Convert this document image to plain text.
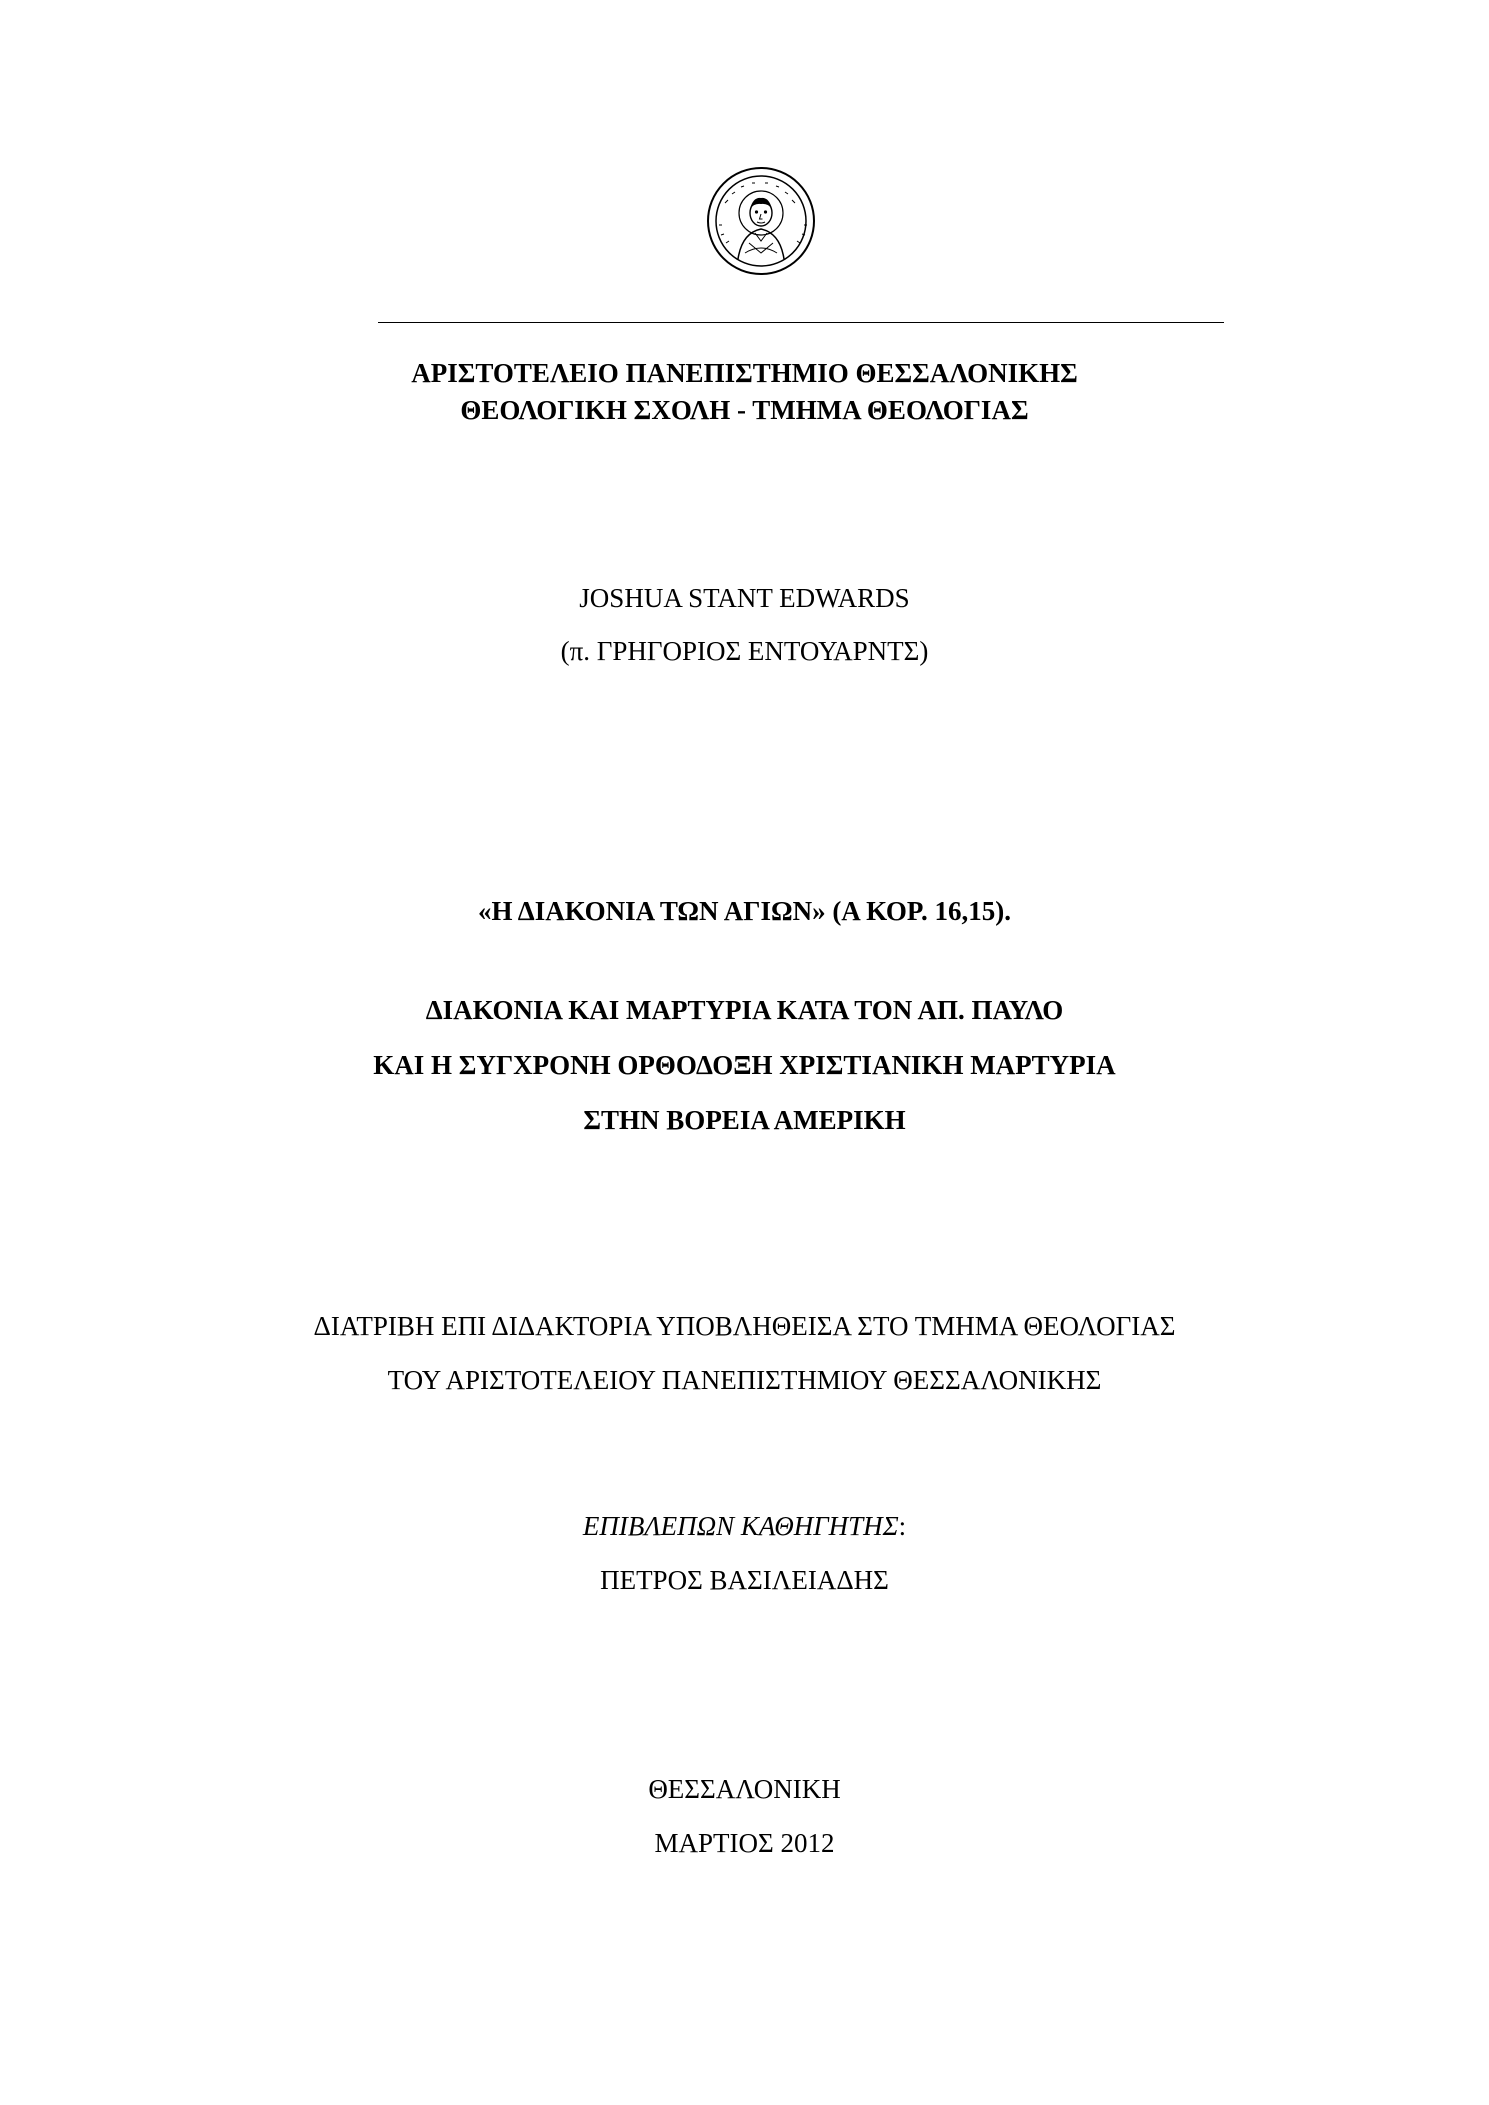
ΑΡΙΣΤΟΤΕΛΕΙΟ ΠΑΝΕΠΙΣΤΗΜΙΟ ΘΕΣΣΑΛΟΝΙΚΗΣ
ΘΕΟΛΟΓΙΚΗ ΣΧΟΛΗ - ΤΜΗΜΑ ΘΕΟΛΟΓΙΑΣ
JOSHUA STANT EDWARDS
(π. ΓΡΗΓΟΡΙΟΣ ΕΝΤΟΥΑΡΝΤΣ)
«Η ΔΙΑΚΟΝΙΑ ΤΩΝ ΑΓΙΩΝ» (Α ΚΟΡ. 16,15).
ΔΙΑΚΟΝΙΑ ΚΑΙ ΜΑΡΤΥΡΙΑ ΚΑΤΑ ΤΟΝ ΑΠ. ΠΑΥΛΟ
ΚΑΙ Η ΣΥΓΧΡΟΝΗ ΟΡΘΟΔΟΞΗ ΧΡΙΣΤΙΑΝΙΚΗ ΜΑΡΤΥΡΙΑ
ΣΤΗΝ ΒΟΡΕΙΑ ΑΜΕΡΙΚΗ
ΔΙΑΤΡΙΒΗ ΕΠΙ ΔΙΔΑΚΤΟΡΙΑ ΥΠΟΒΛΗΘΕΙΣΑ ΣΤΟ ΤΜΗΜΑ ΘΕΟΛΟΓΙΑΣ
ΤΟΥ ΑΡΙΣΤΟΤΕΛΕΙΟΥ ΠΑΝΕΠΙΣΤΗΜΙΟΥ ΘΕΣΣΑΛΟΝΙΚΗΣ
ΕΠΙΒΛΕΠΩΝ ΚΑΘΗΓΗΤΗΣ:
ΠΕΤΡΟΣ ΒΑΣΙΛΕΙΑΔΗΣ
ΘΕΣΣΑΛΟΝΙΚΗ
ΜΑΡΤΙΟΣ 2012
